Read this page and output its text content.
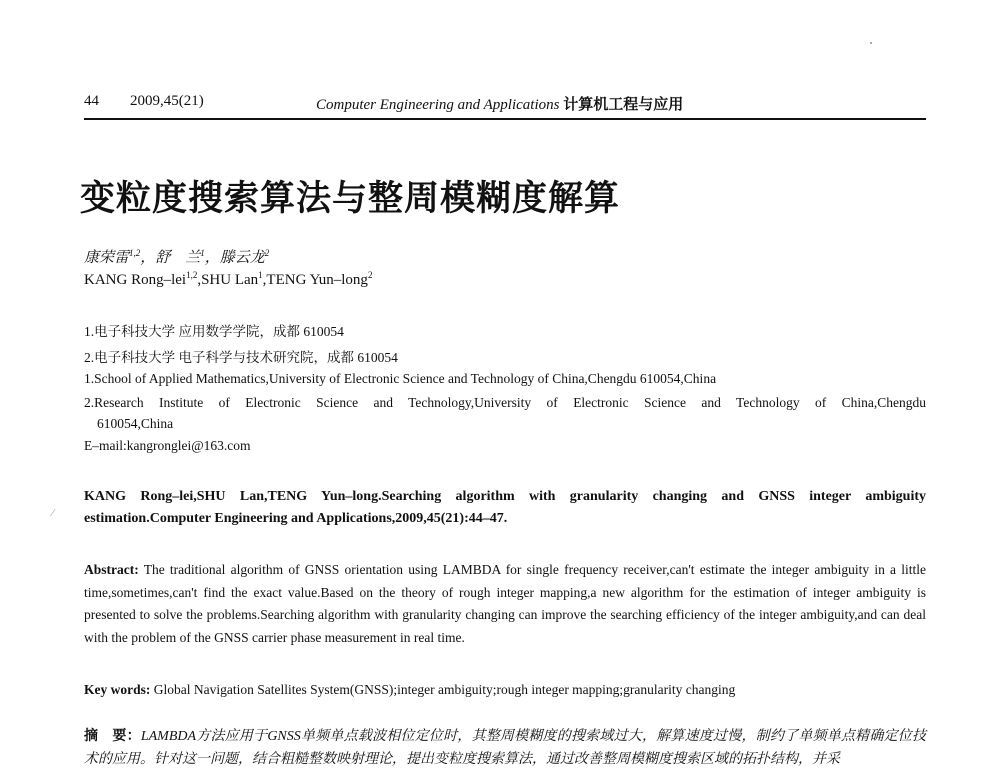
44 2009,45(21)	Computer Engineering and Applications 计算机工程与应用
变粒度搜索算法与整周模糊度解算
康荣雷$^{1,2}$，舒　兰$^1$，滕云龙$^2$
KANG Rong–lei$^{1,2}$,SHU Lan$^1$,TENG Yun–long$^2$
1.电子科技大学 应用数学学院，成都 610054
2.电子科技大学 电子科学与技术研究院，成都 610054
1.School of Applied Mathematics,University of Electronic Science and Technology of China,Chengdu 610054,China
2.Research Institute of Electronic Science and Technology,University of Electronic Science and Technology of China,Chengdu
610054,China
E–mail:kangronglei@163.com
⁄
KANG Rong–lei,SHU Lan,TENG Yun–long.Searching algorithm with granularity changing and GNSS integer ambiguity estimation.Computer Engineering and Applications,2009,45(21):44–47.
Abstract: The traditional algorithm of GNSS orientation using LAMBDA for single frequency receiver,can't estimate the integer ambiguity in a little time,sometimes,can't find the exact value.Based on the theory of rough integer mapping,a new algorithm for the estimation of integer ambiguity is presented to solve the problems.Searching algorithm with granularity changing can improve the searching efficiency of the integer ambiguity,and can deal with the problem of the GNSS carrier phase measurement in real time.
Key words: Global Navigation Satellites System(GNSS);integer ambiguity;rough integer mapping;granularity changing
摘　要：LAMBDA方法应用于GNSS单频单点载波相位定位时，其整周模糊度的搜索域过大，解算速度过慢，制约了单频单点精确定位技术的应用。针对这一问题，结合粗糙整数映射理论，提出变粒度搜索算法，通过改善整周模糊度搜索区域的拓扑结构，并采
